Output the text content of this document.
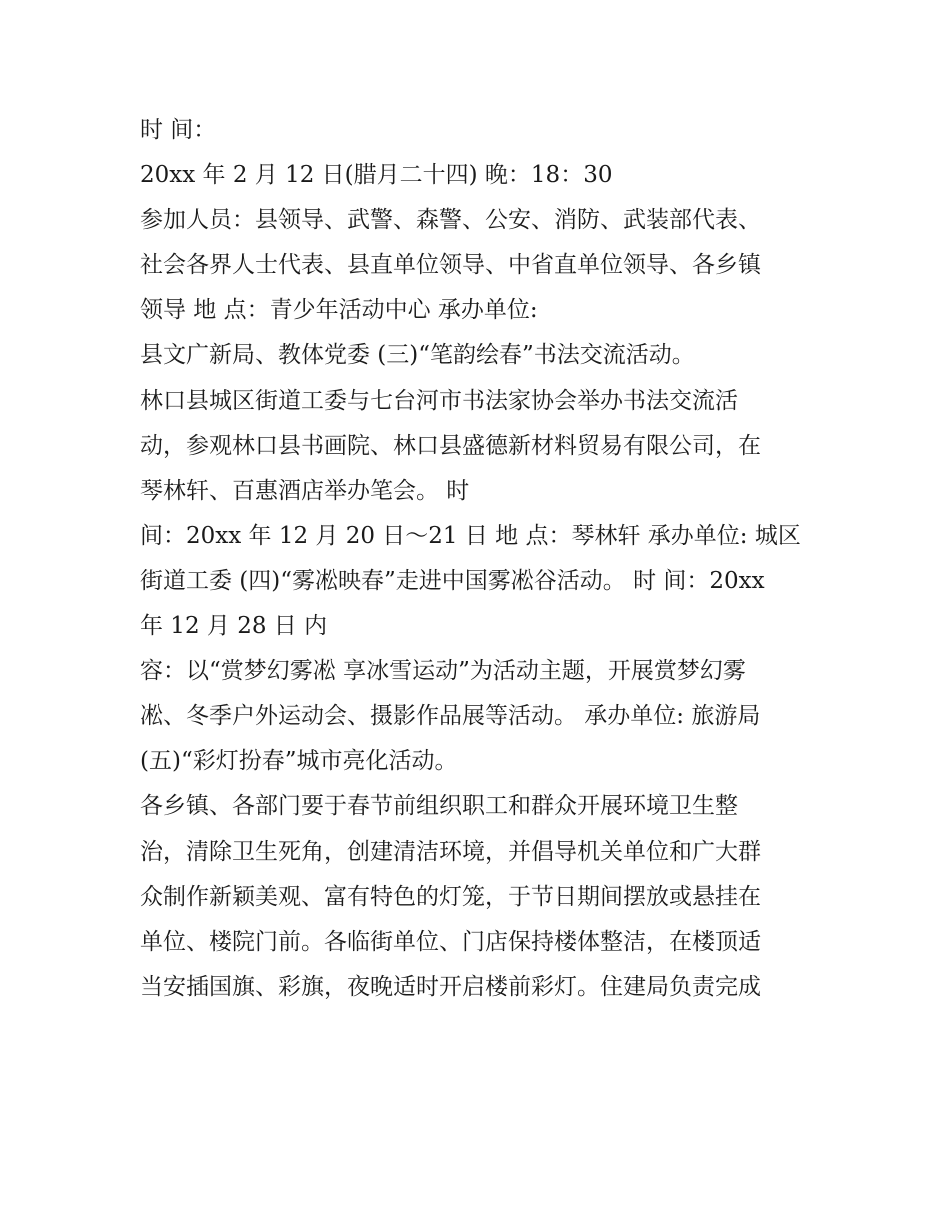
时 间：
20xx 年 2 月 12 日(腊月二十四) 晚：18：30
参加人员：县领导、武警、森警、公安、消防、武装部代表、
社会各界人士代表、县直单位领导、中省直单位领导、各乡镇
领导 地 点：青少年活动中心 承办单位:
县文广新局、教体党委 (三)“笔韵绘春”书法交流活动。
林口县城区街道工委与七台河市书法家协会举办书法交流活
动，参观林口县书画院、林口县盛德新材料贸易有限公司，在
琴林轩、百惠酒店举办笔会。 时
间：20xx 年 12 月 20 日～21 日 地 点：琴林轩 承办单位: 城区
街道工委 (四)“雾凇映春”走进中国雾凇谷活动。 时 间：20xx
年 12 月 28 日 内
容：以“赏梦幻雾凇 享冰雪运动”为活动主题，开展赏梦幻雾
凇、冬季户外运动会、摄影作品展等活动。 承办单位: 旅游局
(五)“彩灯扮春”城市亮化活动。
各乡镇、各部门要于春节前组织职工和群众开展环境卫生整
治，清除卫生死角，创建清洁环境，并倡导机关单位和广大群
众制作新颖美观、富有特色的灯笼，于节日期间摆放或悬挂在
单位、楼院门前。各临街单位、门店保持楼体整洁，在楼顶适
当安插国旗、彩旗，夜晚适时开启楼前彩灯。住建局负责完成
